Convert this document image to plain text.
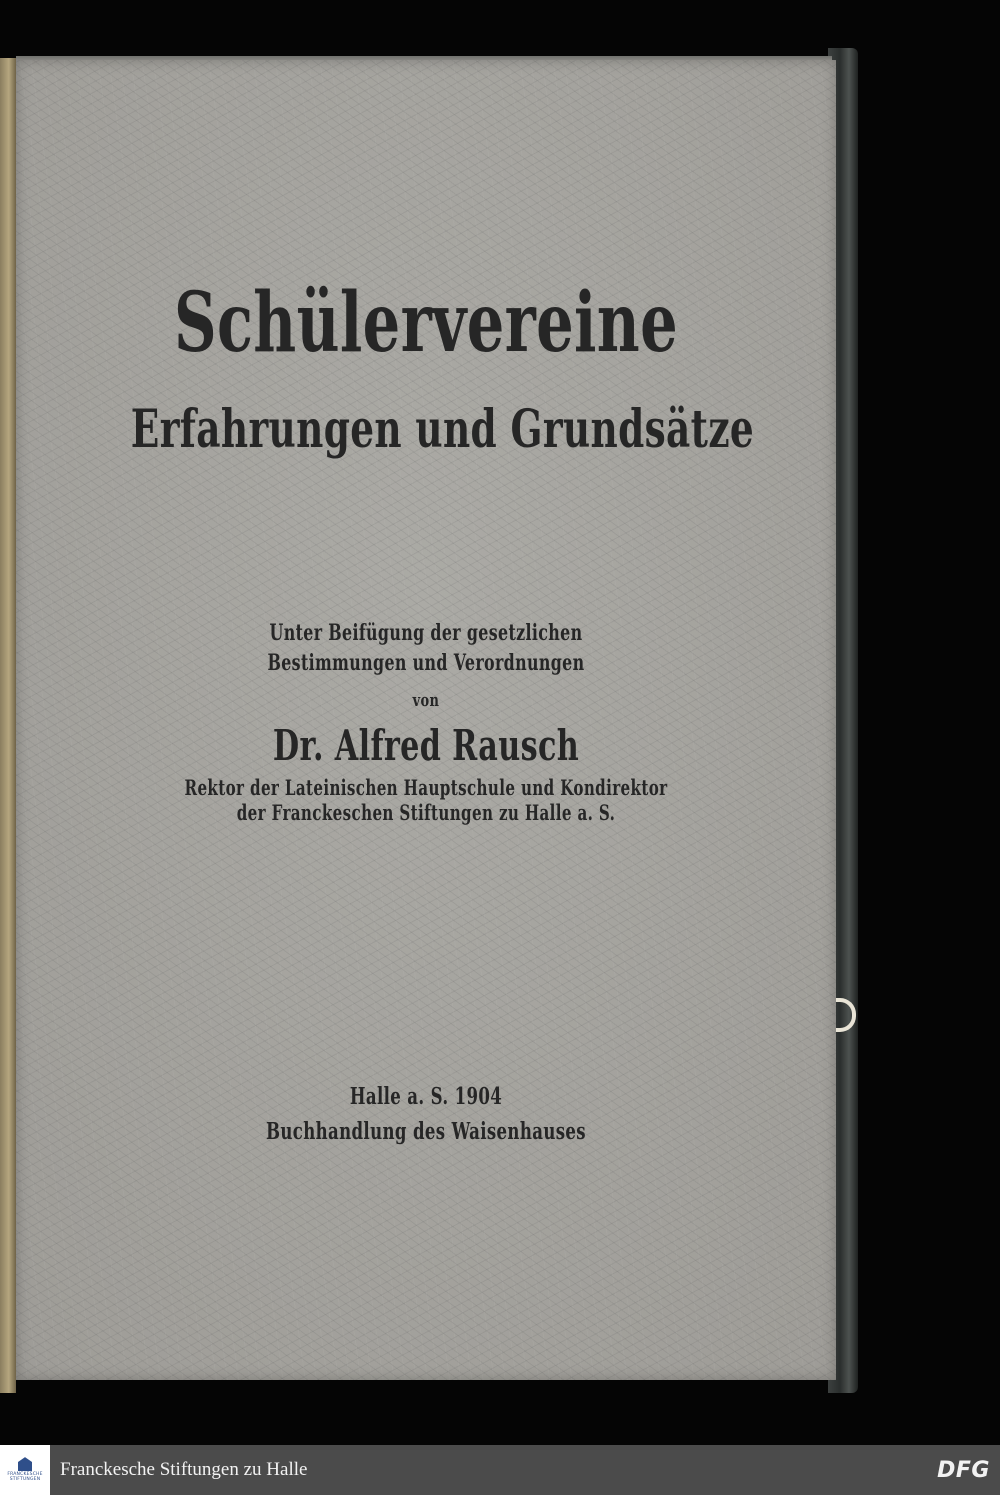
Schülervereine
Erfahrungen und Grundsätze
Unter Beifügung der gesetzlichen
Bestimmungen und Verordnungen
von
Dr. Alfred Rausch
Rektor der Lateinischen Hauptschule und Kondirektor
der Franckeschen Stiftungen zu Halle a. S.
Halle a. S. 1904
Buchhandlung des Waisenhauses
FRANCKESCHE
STIFTUNGEN Franckesche Stiftungen zu Halle	DFG
